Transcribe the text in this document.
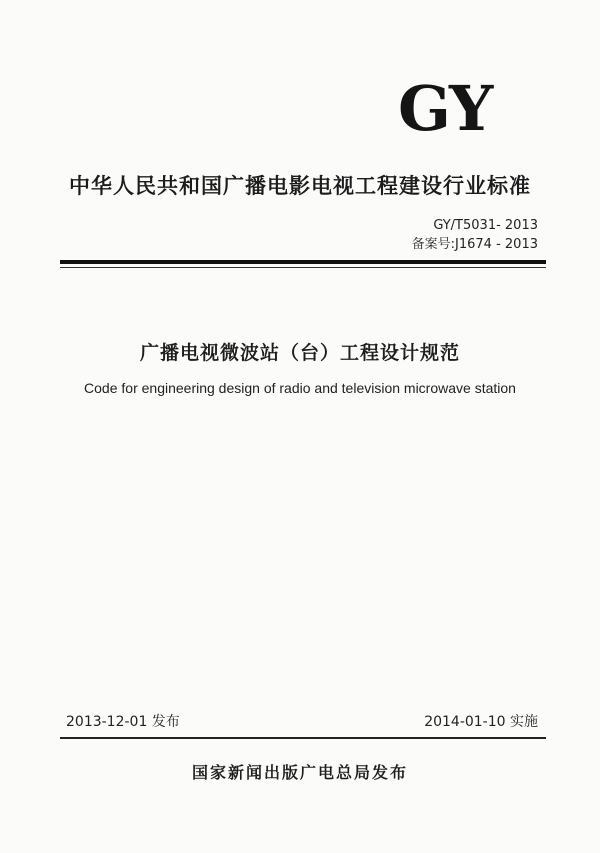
GY
中华人民共和国广播电影电视工程建设行业标准
GY/T5031- 2013
备案号:J1674 - 2013
广播电视微波站（台）工程设计规范
Code for engineering design of radio and television microwave station
2013-12-01 发布	2014-01-10 实施
国家新闻出版广电总局发布
